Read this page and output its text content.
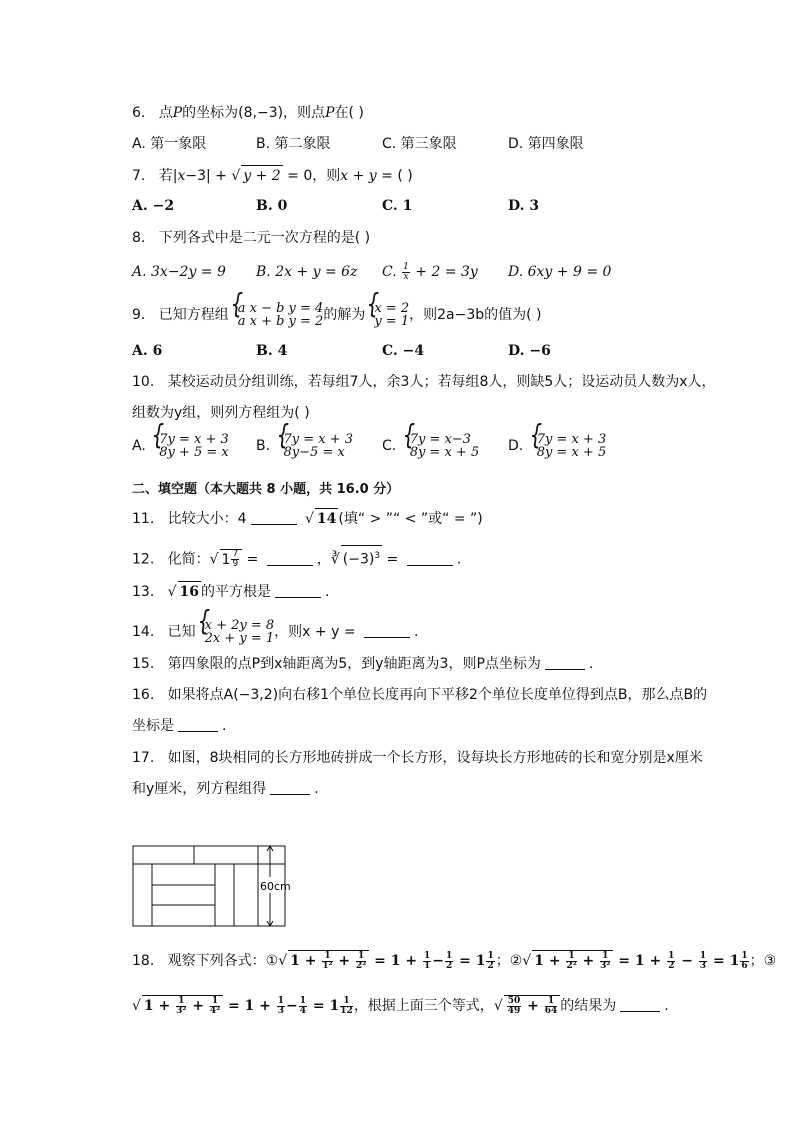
6. 点P的坐标为(8,−3)，则点P在( )
A. 第一象限	B. 第二象限	C. 第三象限	D. 第四象限
7. 若|x−3| + √ y + 2 = 0，则x + y = ( )
A. −2	B. 0	C. 1	D. 3
8. 下列各式中是二元一次方程的是( )
A. 3x−2y = 9 B. 2x + y = 6z C. $\frac{1}{x} + 2 = 3y$ D. 6xy + 9 = 0
9. 已知方程组 { a x − b y = 4
a x + b y = 2 的解为 { x = 2
y = 1 ，则2a−3b的值为( )
A. 6	B. 4	C. −4	D. −6
10. 某校运动员分组训练，若每组7人，余3人；若每组8人，则缺5人；设运动员人数为x人，
组数为y组，则列方程组为( )
A. { 7y = x + 3
8y + 5 = x B. { 7y = x + 3
8y−5 = x	C. { 7y = x−3
8y = x + 5 D. { 7y = x + 3
8y = x + 5
二、填空题（本大题共 8 小题，共 16.0 分）
11. 比较大小：4	√ 14 (填“ > ”“ < ”或“ = ”)
12. 化简：√ $1 \frac{7}{9}$ =	，∛ $(-3)^3$ =	.
13. √ 16 的平方根是	.
14. 已知 { x + 2y = 8
2x + y = 1 ，则x + y =	.
15. 第四象限的点P到x轴距离为5，到y轴距离为3，则P点坐标为	.
16. 如果将点A(−3,2)向右移1个单位长度再向下平移2个单位长度单位得到点B，那么点B的
坐标是	.
17. 如图，8块相同的长方形地砖拼成一个长方形，设每块长方形地砖的长和宽分别是x厘米
和y厘米，列方程组得	.
60cm
18. 观察下列各式：①√ $1 + \frac{1}{\text{1²}} + \frac{1}{\text{2²}} = 1 + \frac{1}{1} - \frac{1}{2} = 1 \frac{1}{2}$ ；②√ $1 + \frac{1}{\text{2²}} + \frac{1}{\text{3²}} = 1 + \frac{1}{2} - \frac{1}{3} = 1 \frac{1}{6}$ ；③
√ $1 + \frac{1}{\text{3²}} + \frac{1}{\text{4²}} = 1 + \frac{1}{3} - \frac{1}{4} = 1 \frac{1}{12}$ ，根据上面三个等式，√ $\frac{50}{49} + \frac{1}{64}$ 的结果为	.
